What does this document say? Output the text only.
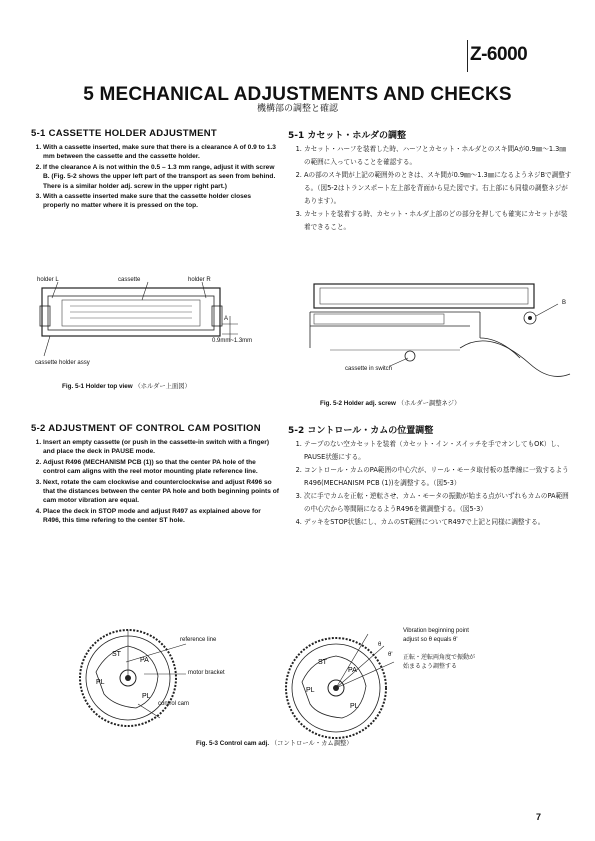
Z-6000
5 MECHANICAL ADJUSTMENTS AND CHECKS
機構部の調整と確認
5-1 CASSETTE HOLDER ADJUSTMENT
1. With a cassette inserted, make sure that there is a clearance A of 0.9 to 1.3 mm between the cassette and the cassette holder.
2. If the clearance A is not within the 0.5 – 1.3 mm range, adjust it with screw B. (Fig. 5-2 shows the upper left part of the transport as seen from behind. There is a similar holder adj. screw in the upper right part.)
3. With a cassette inserted make sure that the cassette holder closes properly no matter where it is pressed on the top.
5-1 カセット・ホルダの調整
1. カセット・ハーフを装着した時、ハーフとカセット・ホルダとのスキ間Aが0.9㎜～1.3㎜の範囲に入っていることを確認する。
2. Aの部のスキ間が上記の範囲外のときは、スキ間が0.9㎜～1.3㎜になるようネジBで調整する。（図5-2はトランスポート左上部を背面から見た図です。右上部にも同様の調整ネジがあります）。
3. カセットを装着する時、カセット・ホルダ上部のどの部分を押しても確実にカセットが装着できること。
holder L	cassette	holder R
A
0.9mm~1.3mm
cassette holder assy
Fig. 5-1 Holder top view （ホルダー上面図）
B
cassette in switch
Fig. 5-2 Holder adj. screw （ホルダー調整ネジ）
5-2 ADJUSTMENT OF CONTROL CAM POSITION
1. Insert an empty cassette (or push in the cassette-in switch with a finger) and place the deck in PAUSE mode.
2. Adjust R496 (MECHANISM PCB (1)) so that the center PA hole of the control cam aligns with the reel motor mounting plate reference line.
3. Next, rotate the cam clockwise and counterclockwise and adjust R496 so that the distances between the center PA hole and both beginning points of cam motor vibration are equal.
4. Place the deck in STOP mode and adjust R497 as explained above for R496, this time refering to the center ST hole.
5-2 コントロール・カムの位置調整
1. テープのない空カセットを装着（カセット・イン・スイッチを手でオンしてもOK）し、PAUSE状態にする。
2. コントロール・カムのPA範囲の中心穴が、リール・モータ取付板の基準線に一致するようR496(MECHANISM PCB (1))を調整する。（図5-3）
3. 次に手でカムを正転・逆転させ、カム・モータの振動が始まる点がいずれもカムのPA範囲の中心穴から等間隔になるようR496を微調整する。（図5-3）
4. デッキをSTOP状態にし、カムのST範囲についてR497で上記と同様に調整する。
ST
PA
PL
PL
reference line
motor bracket
control cam
ST
PA
PL
PL
θ
θ'
Vibration beginning point
adjust so θ equals θ'
正転・逆転両角度で振動が
始まるよう調整する
Fig. 5-3 Control cam adj. （コントロール・カム調整）
7
